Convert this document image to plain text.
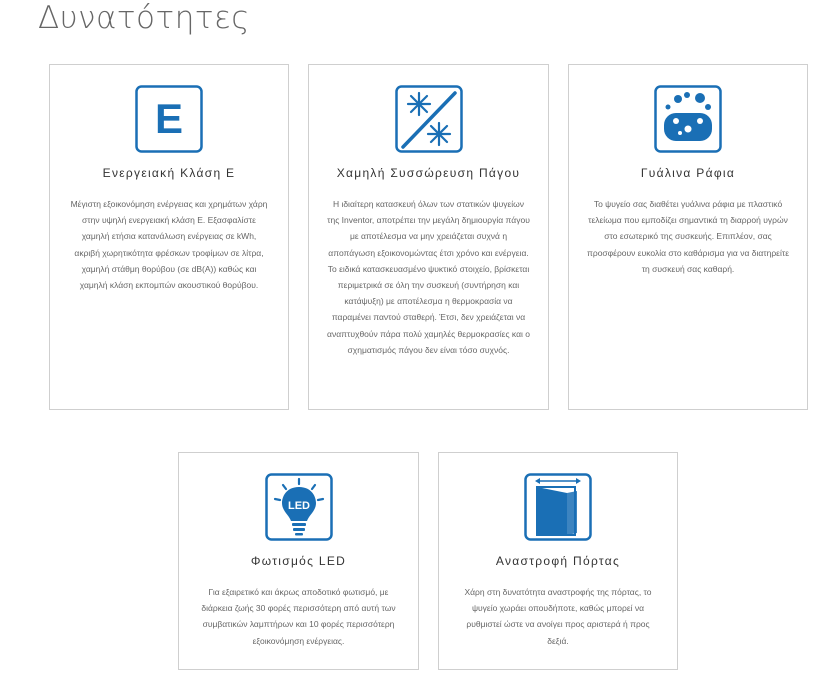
Δυνατότητες
E
Ενεργειακή Κλάση Ε
Μέγιστη εξοικονόμηση ενέργειας και χρημάτων χάρη στην υψηλή ενεργειακή κλάση Ε. Εξασφαλίστε χαμηλή ετήσια κατανάλωση ενέργειας σε kWh, ακριβή χωρητικότητα φρέσκων τροφίμων σε λίτρα, χαμηλή στάθμη θορύβου (σε dB(A)) καθώς και χαμηλή κλάση εκπομπών ακουστικού θορύβου.
Χαμηλή Συσσώρευση Πάγου
Η ιδιαίτερη κατασκευή όλων των στατικών ψυγείων της Inventor, αποτρέπει την μεγάλη δημιουργία πάγου με αποτέλεσμα να μην χρειάζεται συχνά η αποπάγωση εξοικονομώντας έτσι χρόνο και ενέργεια. Το ειδικά κατασκευασμένο ψυκτικό στοιχείο, βρίσκεται περιμετρικά σε όλη την συσκευή (συντήρηση και κατάψυξη) με αποτέλεσμα η θερμοκρασία να παραμένει παντού σταθερή. Έτσι, δεν χρειάζεται να αναπτυχθούν πάρα πολύ χαμηλές θερμοκρασίες και ο σχηματισμός πάγου δεν είναι τόσο συχνός.
Γυάλινα Ράφια
Το ψυγείο σας διαθέτει γυάλινα ράφια με πλαστικό τελείωμα που εμποδίζει σημαντικά τη διαρροή υγρών στο εσωτερικό της συσκευής. Επιπλέον, σας προσφέρουν ευκολία στο καθάρισμα για να διατηρείτε τη συσκευή σας καθαρή.
LED
Φωτισμός LED
Για εξαιρετικό και άκρως αποδοτικό φωτισμό, με διάρκεια ζωής 30 φορές περισσότερη από αυτή των συμβατικών λαμπτήρων και 10 φορές περισσότερη εξοικονόμηση ενέργειας.
Αναστροφή Πόρτας
Χάρη στη δυνατότητα αναστροφής της πόρτας, το ψυγείο χωράει οπουδήποτε, καθώς μπορεί να ρυθμιστεί ώστε να ανοίγει προς αριστερά ή προς δεξιά.
